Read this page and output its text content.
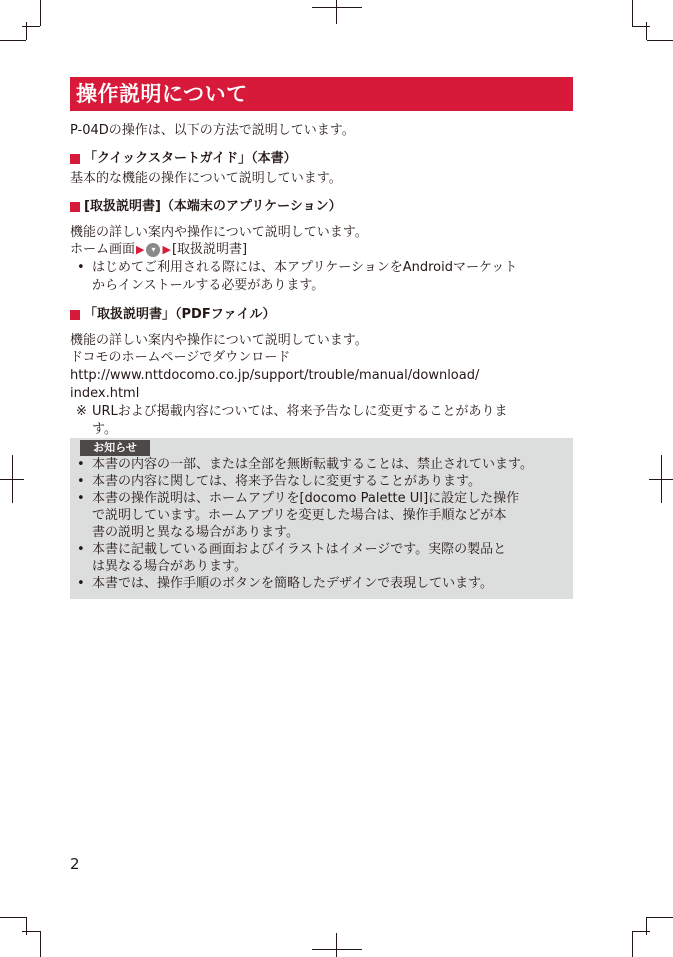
操作説明について
P-04Dの操作は、以下の方法で説明しています。
「クイックスタートガイド」（本書）
基本的な機能の操作について説明しています。
[取扱説明書]（本端末のアプリケーション）
機能の詳しい案内や操作について説明しています。
ホーム画面 ▶ ▾ ▶ [取扱説明書]
• はじめてご利用される際には、本アプリケーションをAndroidマーケット
からインストールする必要があります。
「取扱説明書」（PDFファイル）
機能の詳しい案内や操作について説明しています。
ドコモのホームページでダウンロード
http://www.nttdocomo.co.jp/support/trouble/manual/download/
index.html
※ URLおよび掲載内容については、将来予告なしに変更することがありま
す。
お知らせ
• 本書の内容の一部、または全部を無断転載することは、禁止されています。
• 本書の内容に関しては、将来予告なしに変更することがあります。
• 本書の操作説明は、ホームアプリを[docomo Palette UI]に設定した操作
で説明しています。ホームアプリを変更した場合は、操作手順などが本
書の説明と異なる場合があります。
• 本書に記載している画面およびイラストはイメージです。実際の製品と
は異なる場合があります。
• 本書では、操作手順のボタンを簡略したデザインで表現しています。
2
